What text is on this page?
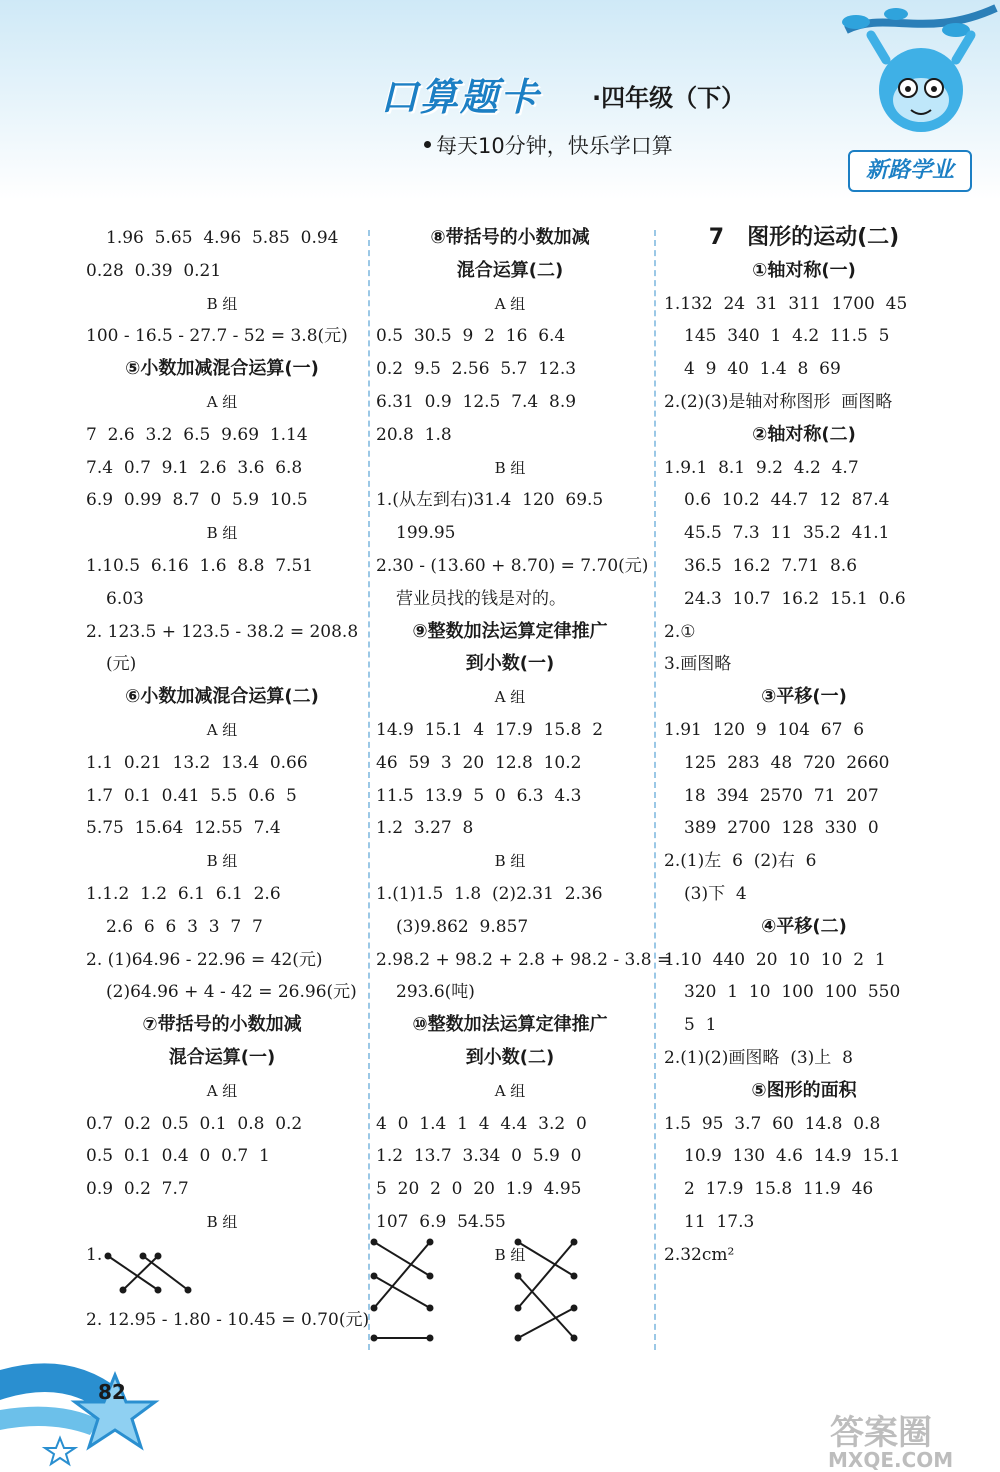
口算题卡 ·四年级（下）
每天10分钟，快乐学口算
新路学业
1.96  5.65  4.96  5.85  0.94
0.28  0.39  0.21
B 组
100 - 16.5 - 27.7 - 52 = 3.8(元)
⑤小数加减混合运算(一)
A 组
7  2.6  3.2  6.5  9.69  1.14
7.4  0.7  9.1  2.6  3.6  6.8
6.9  0.99  8.7  0  5.9  10.5
B 组
1.10.5  6.16  1.6  8.8  7.51
6.03
2. 123.5 + 123.5 - 38.2 = 208.8
(元)
⑥小数加减混合运算(二)
A 组
1.1  0.21  13.2  13.4  0.66
1.7  0.1  0.41  5.5  0.6  5
5.75  15.64  12.55  7.4
B 组
1.1.2  1.2  6.1  6.1  2.6
2.6  6  6  3  3  7  7
2. (1)64.96 - 22.96 = 42(元)
(2)64.96 + 4 - 42 = 26.96(元)
⑦带括号的小数加减
混合运算(一)
A 组
0.7  0.2  0.5  0.1  0.8  0.2
0.5  0.1  0.4  0  0.7  1
0.9  0.2  7.7
B 组
1.
2. 12.95 - 1.80 - 10.45 = 0.70(元)
⑧带括号的小数加减
混合运算(二)
A 组
0.5  30.5  9  2  16  6.4
0.2  9.5  2.56  5.7  12.3
6.31  0.9  12.5  7.4  8.9
20.8  1.8
B 组
1.(从左到右)31.4  120  69.5
199.95
2.30 - (13.60 + 8.70) = 7.70(元)
营业员找的钱是对的。
⑨整数加法运算定律推广
到小数(一)
A 组
14.9  15.1  4  17.9  15.8  2
46  59  3  20  12.8  10.2
11.5  13.9  5  0  6.3  4.3
1.2  3.27  8
B 组
1.(1)1.5  1.8  (2)2.31  2.36
(3)9.862  9.857
2.98.2 + 98.2 + 2.8 + 98.2 - 3.8 =
293.6(吨)
⑩整数加法运算定律推广
到小数(二)
A 组
4  0  1.4  1  4  4.4  3.2  0
1.2  13.7  3.34  0  5.9  0
5  20  2  0  20  1.9  4.95
107  6.9  54.55
B 组
7   图形的运动(二)
①轴对称(一)
1.132  24  31  311  1700  45
145  340  1  4.2  11.5  5
4  9  40  1.4  8  69
2.(2)(3)是轴对称图形  画图略
②轴对称(二)
1.9.1  8.1  9.2  4.2  4.7
0.6  10.2  44.7  12  87.4
45.5  7.3  11  35.2  41.1
36.5  16.2  7.71  8.6
24.3  10.7  16.2  15.1  0.6
2.①
3.画图略
③平移(一)
1.91  120  9  104  67  6
125  283  48  720  2660
18  394  2570  71  207
389  2700  128  330  0
2.(1)左  6  (2)右  6
(3)下  4
④平移(二)
1.10  440  20  10  10  2  1
320  1  10  100  100  550
5  1
2.(1)(2)画图略  (3)上  8
⑤图形的面积
1.5  95  3.7  60  14.8  0.8
10.9  130  4.6  14.9  15.1
2  17.9  15.8  11.9  46
11  17.3
2.32cm²
82
答案圈
MXQE.COM
